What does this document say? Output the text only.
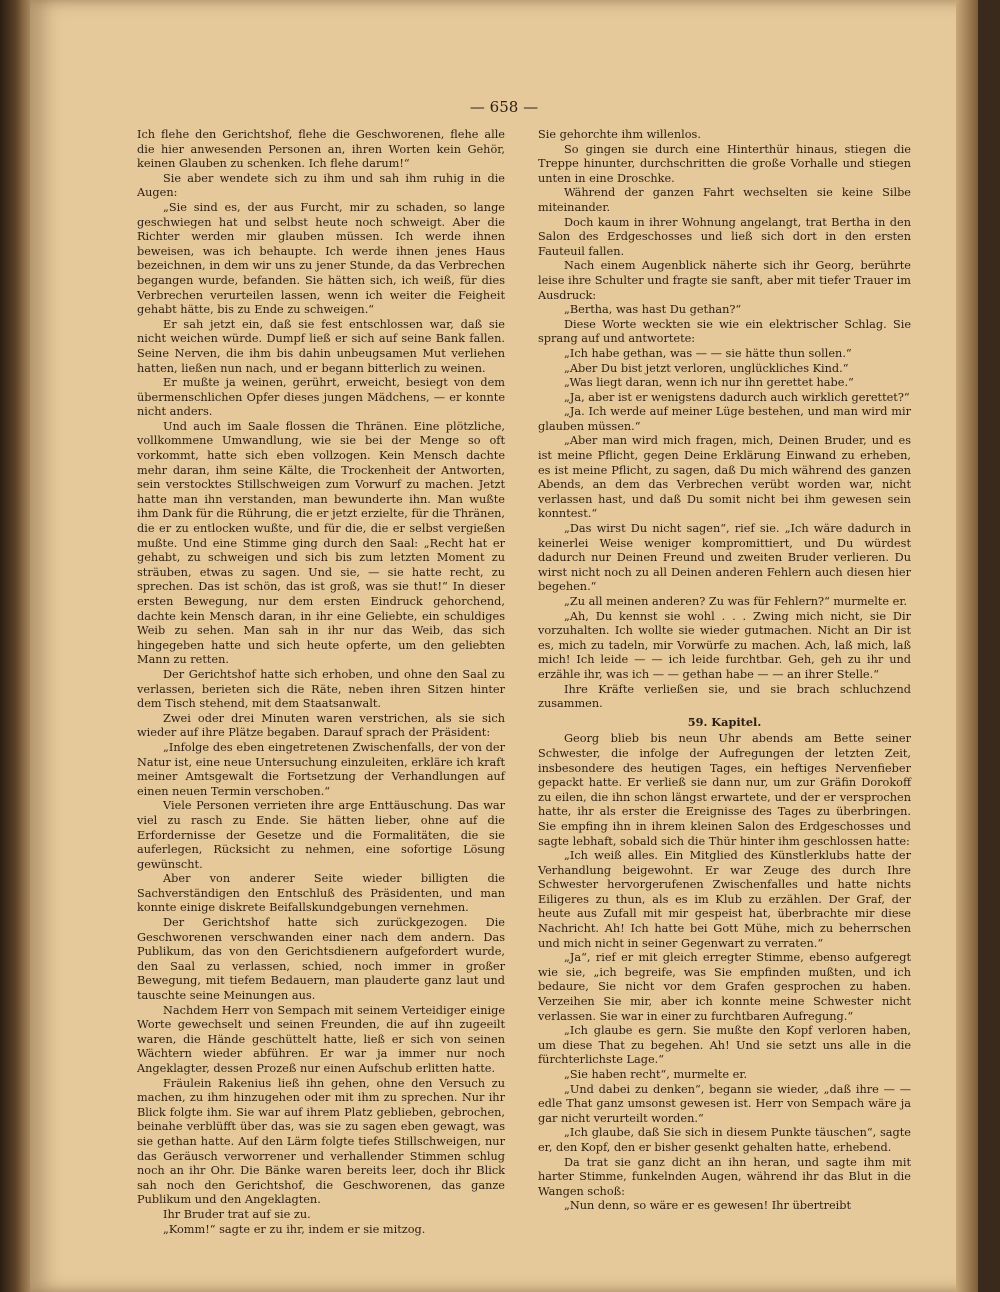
— 658 —

Ich flehe den Gerichtshof, flehe die Geschworenen, flehe alle die hier anwesenden Personen an, ihren Worten kein Gehör, keinen Glauben zu schenken. Ich flehe darum!“

Sie aber wendete sich zu ihm und sah ihm ruhig in die Augen:

„Sie sind es, der aus Furcht, mir zu schaden, so lange geschwiegen hat und selbst heute noch schweigt. Aber die Richter werden mir glauben müssen. Ich werde ihnen beweisen, was ich behaupte. Ich werde ihnen jenes Haus bezeichnen, in dem wir uns zu jener Stunde, da das Verbrechen begangen wurde, befanden. Sie hätten sich, ich weiß, für dies Verbrechen verurteilen lassen, wenn ich weiter die Feigheit gehabt hätte, bis zu Ende zu schweigen.“

Er sah jetzt ein, daß sie fest entschlossen war, daß sie nicht weichen würde. Dumpf ließ er sich auf seine Bank fallen. Seine Nerven, die ihm bis dahin unbeugsamen Mut verliehen hatten, ließen nun nach, und er begann bitterlich zu weinen.

Er mußte ja weinen, gerührt, erweicht, besiegt von dem übermenschlichen Opfer dieses jungen Mädchens, — er konnte nicht anders.

Und auch im Saale flossen die Thränen. Eine plötzliche, vollkommene Umwandlung, wie sie bei der Menge so oft vorkommt, hatte sich eben vollzogen. Kein Mensch dachte mehr daran, ihm seine Kälte, die Trockenheit der Antworten, sein verstocktes Stillschweigen zum Vorwurf zu machen. Jetzt hatte man ihn verstanden, man bewunderte ihn. Man wußte ihm Dank für die Rührung, die er jetzt erzielte, für die Thränen, die er zu entlocken wußte, und für die, die er selbst vergießen mußte. Und eine Stimme ging durch den Saal: „Recht hat er gehabt, zu schweigen und sich bis zum letzten Moment zu sträuben, etwas zu sagen. Und sie, — sie hatte recht, zu sprechen. Das ist schön, das ist groß, was sie thut!“ In dieser ersten Bewegung, nur dem ersten Eindruck gehorchend, dachte kein Mensch daran, in ihr eine Geliebte, ein schuldiges Weib zu sehen. Man sah in ihr nur das Weib, das sich hingegeben hatte und sich heute opferte, um den geliebten Mann zu retten.

Der Gerichtshof hatte sich erhoben, und ohne den Saal zu verlassen, berieten sich die Räte, neben ihren Sitzen hinter dem Tisch stehend, mit dem Staatsanwalt.

Zwei oder drei Minuten waren verstrichen, als sie sich wieder auf ihre Plätze begaben. Darauf sprach der Präsident:

„Infolge des eben eingetretenen Zwischenfalls, der von der Natur ist, eine neue Untersuchung einzuleiten, erkläre ich kraft meiner Amtsgewalt die Fortsetzung der Verhandlungen auf einen neuen Termin verschoben.“

Viele Personen verrieten ihre arge Enttäuschung. Das war viel zu rasch zu Ende. Sie hätten lieber, ohne auf die Erfordernisse der Gesetze und die Formalitäten, die sie auferlegen, Rücksicht zu nehmen, eine sofortige Lösung gewünscht.

Aber von anderer Seite wieder billigten die Sachverständigen den Entschluß des Präsidenten, und man konnte einige diskrete Beifallskundgebungen vernehmen.

Der Gerichtshof hatte sich zurückgezogen. Die Geschworenen verschwanden einer nach dem andern. Das Publikum, das von den Gerichtsdienern aufgefordert wurde, den Saal zu verlassen, schied, noch immer in großer Bewegung, mit tiefem Bedauern, man plauderte ganz laut und tauschte seine Meinungen aus.

Nachdem Herr von Sempach mit seinem Verteidiger einige Worte gewechselt und seinen Freunden, die auf ihn zugeeilt waren, die Hände geschüttelt hatte, ließ er sich von seinen Wächtern wieder abführen. Er war ja immer nur noch Angeklagter, dessen Prozeß nur einen Aufschub erlitten hatte.

Fräulein Rakenius ließ ihn gehen, ohne den Versuch zu machen, zu ihm hinzugehen oder mit ihm zu sprechen. Nur ihr Blick folgte ihm. Sie war auf ihrem Platz geblieben, gebrochen, beinahe verblüfft über das, was sie zu sagen eben gewagt, was sie gethan hatte. Auf den Lärm folgte tiefes Stillschweigen, nur das Geräusch verworrener und verhallender Stimmen schlug noch an ihr Ohr. Die Bänke waren bereits leer, doch ihr Blick sah noch den Gerichtshof, die Geschworenen, das ganze Publikum und den Angeklagten.

Ihr Bruder trat auf sie zu.

„Komm!“ sagte er zu ihr, indem er sie mitzog.

Sie gehorchte ihm willenlos.

So gingen sie durch eine Hinterthür hinaus, stiegen die Treppe hinunter, durchschritten die große Vorhalle und stiegen unten in eine Droschke.

Während der ganzen Fahrt wechselten sie keine Silbe miteinander.

Doch kaum in ihrer Wohnung angelangt, trat Bertha in den Salon des Erdgeschosses und ließ sich dort in den ersten Fauteuil fallen.

Nach einem Augenblick näherte sich ihr Georg, berührte leise ihre Schulter und fragte sie sanft, aber mit tiefer Trauer im Ausdruck:

„Bertha, was hast Du gethan?“

Diese Worte weckten sie wie ein elektrischer Schlag. Sie sprang auf und antwortete:

„Ich habe gethan, was — — sie hätte thun sollen.“

„Aber Du bist jetzt verloren, unglückliches Kind.“

„Was liegt daran, wenn ich nur ihn gerettet habe.“

„Ja, aber ist er wenigstens dadurch auch wirklich gerettet?“

„Ja. Ich werde auf meiner Lüge bestehen, und man wird mir glauben müssen.“

„Aber man wird mich fragen, mich, Deinen Bruder, und es ist meine Pflicht, gegen Deine Erklärung Einwand zu erheben, es ist meine Pflicht, zu sagen, daß Du mich während des ganzen Abends, an dem das Verbrechen verübt worden war, nicht verlassen hast, und daß Du somit nicht bei ihm gewesen sein konntest.“

„Das wirst Du nicht sagen“, rief sie. „Ich wäre dadurch in keinerlei Weise weniger kompromittiert, und Du würdest dadurch nur Deinen Freund und zweiten Bruder verlieren. Du wirst nicht noch zu all Deinen anderen Fehlern auch diesen hier begehen.“

„Zu all meinen anderen? Zu was für Fehlern?“ murmelte er.

„Ah, Du kennst sie wohl . . . Zwing mich nicht, sie Dir vorzuhalten. Ich wollte sie wieder gutmachen. Nicht an Dir ist es, mich zu tadeln, mir Vorwürfe zu machen. Ach, laß mich, laß mich! Ich leide — — ich leide furchtbar. Geh, geh zu ihr und erzähle ihr, was ich — — gethan habe — — an ihrer Stelle.“

Ihre Kräfte verließen sie, und sie brach schluchzend zusammen.

59. Kapitel.

Georg blieb bis neun Uhr abends am Bette seiner Schwester, die infolge der Aufregungen der letzten Zeit, insbesondere des heutigen Tages, ein heftiges Nervenfieber gepackt hatte. Er verließ sie dann nur, um zur Gräfin Dorokoff zu eilen, die ihn schon längst erwartete, und der er versprochen hatte, ihr als erster die Ereignisse des Tages zu überbringen. Sie empfing ihn in ihrem kleinen Salon des Erdgeschosses und sagte lebhaft, sobald sich die Thür hinter ihm geschlossen hatte:

„Ich weiß alles. Ein Mitglied des Künstlerklubs hatte der Verhandlung beigewohnt. Er war Zeuge des durch Ihre Schwester hervorgerufenen Zwischenfalles und hatte nichts Eiligeres zu thun, als es im Klub zu erzählen. Der Graf, der heute aus Zufall mit mir gespeist hat, überbrachte mir diese Nachricht. Ah! Ich hatte bei Gott Mühe, mich zu beherrschen und mich nicht in seiner Gegenwart zu verraten.“

„Ja“, rief er mit gleich erregter Stimme, ebenso aufgeregt wie sie, „ich begreife, was Sie empfinden mußten, und ich bedaure, Sie nicht vor dem Grafen gesprochen zu haben. Verzeihen Sie mir, aber ich konnte meine Schwester nicht verlassen. Sie war in einer zu furchtbaren Aufregung.“

„Ich glaube es gern. Sie mußte den Kopf verloren haben, um diese That zu begehen. Ah! Und sie setzt uns alle in die fürchterlichste Lage.“

„Sie haben recht“, murmelte er.

„Und dabei zu denken“, begann sie wieder, „daß ihre — — edle That ganz umsonst gewesen ist. Herr von Sempach wäre ja gar nicht verurteilt worden.“

„Ich glaube, daß Sie sich in diesem Punkte täuschen“, sagte er, den Kopf, den er bisher gesenkt gehalten hatte, erhebend.

Da trat sie ganz dicht an ihn heran, und sagte ihm mit harter Stimme, funkelnden Augen, während ihr das Blut in die Wangen schoß:

„Nun denn, so wäre er es gewesen! Ihr übertreibt
